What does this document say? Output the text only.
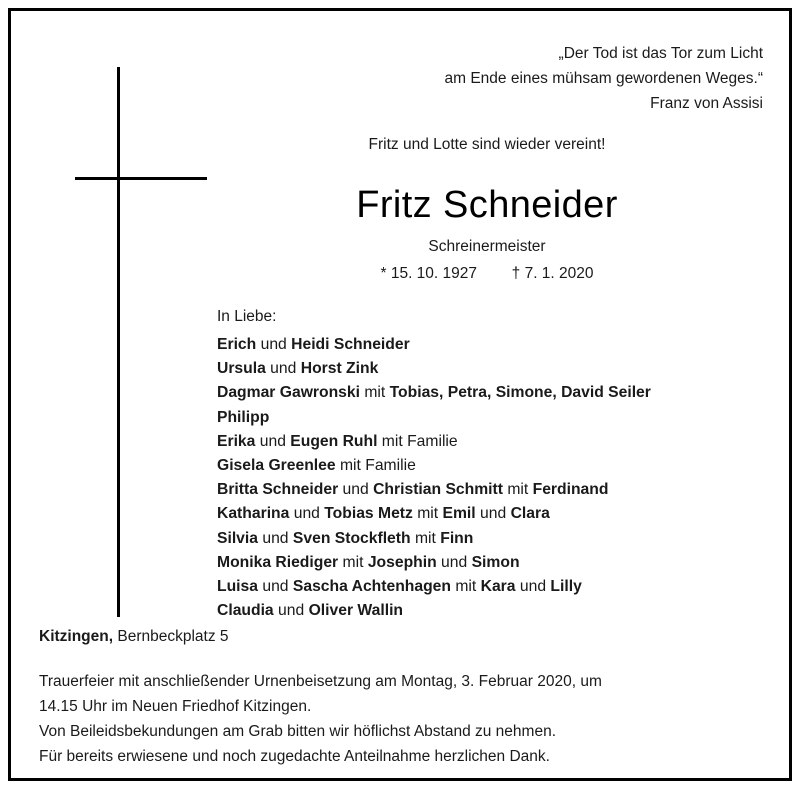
„Der Tod ist das Tor zum Licht
am Ende eines mühsam gewordenen Weges.“
Franz von Assisi
Fritz und Lotte sind wieder vereint!
Fritz Schneider
Schreinermeister
* 15. 10. 1927 † 7. 1. 2020
In Liebe:
Erich und Heidi Schneider
Ursula und Horst Zink
Dagmar Gawronski mit Tobias, Petra, Simone, David Seiler
Philipp
Erika und Eugen Ruhl mit Familie
Gisela Greenlee mit Familie
Britta Schneider und Christian Schmitt mit Ferdinand
Katharina und Tobias Metz mit Emil und Clara
Silvia und Sven Stockfleth mit Finn
Monika Riediger mit Josephin und Simon
Luisa und Sascha Achtenhagen mit Kara und Lilly
Claudia und Oliver Wallin
Kitzingen, Bernbeckplatz 5
Trauerfeier mit anschließender Urnenbeisetzung am Montag, 3. Februar 2020, um
14.15 Uhr im Neuen Friedhof Kitzingen.
Von Beileidsbekundungen am Grab bitten wir höflichst Abstand zu nehmen.
Für bereits erwiesene und noch zugedachte Anteilnahme herzlichen Dank.
